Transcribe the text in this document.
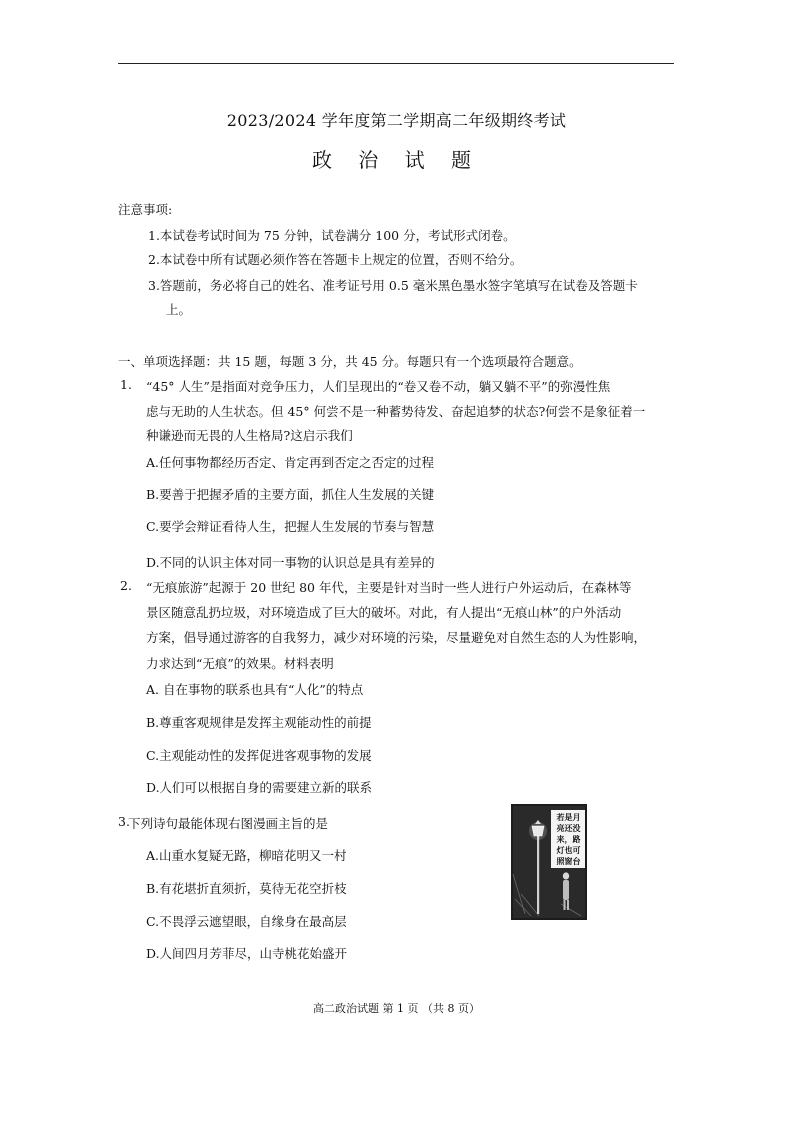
2023/2024 学年度第二学期高二年级期终考试
政 治 试 题
注意事项:
1.本试卷考试时间为 75 分钟，试卷满分 100 分，考试形式闭卷。
2.本试卷中所有试题必须作答在答题卡上规定的位置，否则不给分。
3.答题前，务必将自己的姓名、准考证号用 0.5 毫米黑色墨水签字笔填写在试卷及答题卡
上。
一、单项选择题：共 15 题，每题 3 分，共 45 分。每题只有一个选项最符合题意。
1. “45° 人生”是指面对竞争压力，人们呈现出的“卷又卷不动，躺又躺不平”的弥漫性焦
虑与无助的人生状态。但 45° 何尝不是一种蓄势待发、奋起追梦的状态?何尝不是象征着一
种谦逊而无畏的人生格局?这启示我们
A.任何事物都经历否定、肯定再到否定之否定的过程
B.要善于把握矛盾的主要方面，抓住人生发展的关键
C.要学会辩证看待人生，把握人生发展的节奏与智慧
D.不同的认识主体对同一事物的认识总是具有差异的
2. “无痕旅游”起源于 20 世纪 80 年代，主要是针对当时一些人进行户外运动后，在森林等
景区随意乱扔垃圾，对环境造成了巨大的破坏。对此，有人提出“无痕山林”的户外活动
方案，倡导通过游客的自我努力，减少对环境的污染，尽量避免对自然生态的人为性影响，
力求达到“无痕”的效果。材料表明
A. 自在事物的联系也具有“人化”的特点
B.尊重客观规律是发挥主观能动性的前提
C.主观能动性的发挥促进客观事物的发展
D.人们可以根据自身的需要建立新的联系
3.
下列诗句最能体现右图漫画主旨的是
A.山重水复疑无路，柳暗花明又一村
B.有花堪折直须折，莫待无花空折枝
C.不畏浮云遮望眼，自缘身在最高层
D.人间四月芳菲尽，山寺桃花始盛开
若是月
亮还没
来，路
灯也可
照窗台
高二政治试题 第 1 页 （共 8 页）
